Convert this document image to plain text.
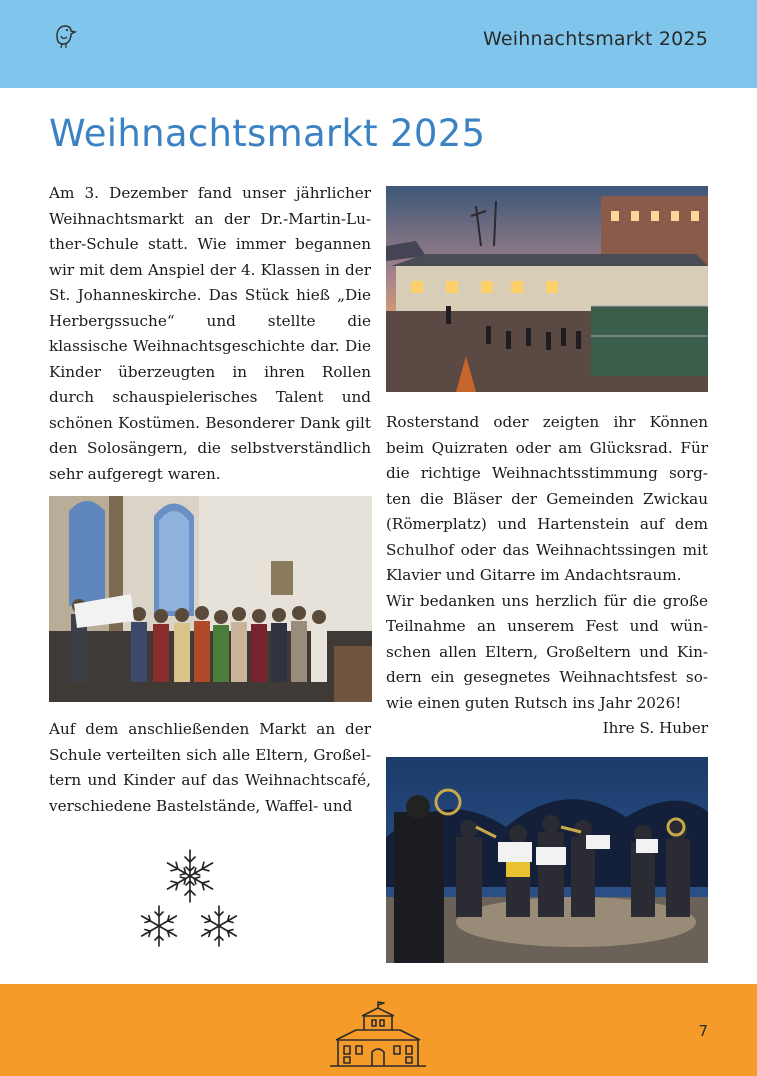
Weihnachtsmarkt 2025
Weihnachtsmarkt 2025

Am 3. Dezember fand unser jährlicher Weihnachtsmarkt an der Dr.-Martin-Luther-Schule statt. Wie immer begannen wir mit dem Anspiel der 4. Klassen in der St. Johanneskirche. Das Stück hieß „Die Herbergssuche“ und stellte die klassische Weihnachtsgeschichte dar. Die Kinder überzeugten in ihren Rollen durch schauspielerisches Talent und schönen Kostümen. Besonderer Dank gilt den Solosängern, die selbstverständlich sehr aufgeregt waren.

Auf dem anschließenden Markt an der Schule verteilten sich alle Eltern, Großeltern und Kinder auf das Weihnachtscafé, verschiedene Bastelstände, Waffel- und

Rosterstand oder zeigten ihr Können beim Quizraten oder am Glücksrad. Für die richtige Weihnachtsstimmung sorgten die Bläser der Gemeinden Zwickau (Römerplatz) und Hartenstein auf dem Schulhof oder das Weihnachtssingen mit Klavier und Gitarre im Andachtsraum.

Wir bedanken uns herzlich für die große Teilnahme an unserem Fest und wünschen allen Eltern, Großeltern und Kindern ein gesegnetes Weihnachtsfest sowie einen guten Rutsch ins Jahr 2026!

Ihre S. Huber

7
